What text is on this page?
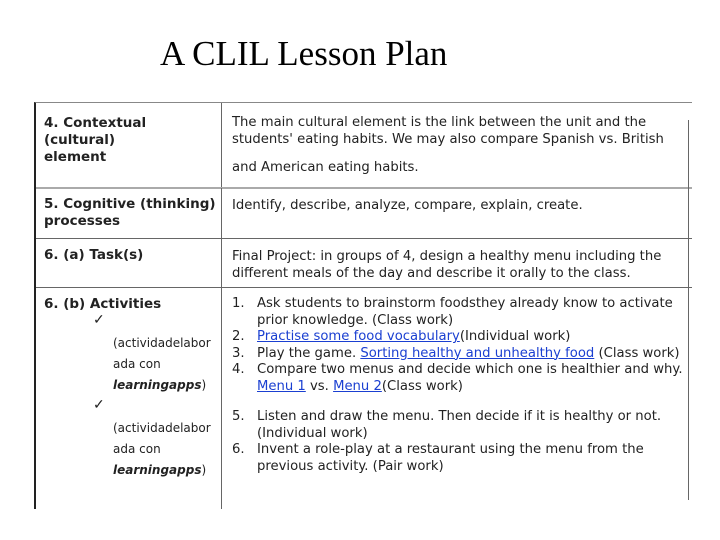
A CLIL Lesson Plan
4. Contextual (cultural)
element
The main cultural element is the link between the unit and the students' eating habits. We may also compare Spanish vs. British
and American eating habits.
5. Cognitive (thinking)
processes
Identify, describe, analyze, compare, explain, create.
6. (a) Task(s)	Final Project: in groups of 4, design a healthy menu including the different meals of the day and describe it orally to the class.
6. (b) Activities
✓
(actividadelabor
ada con
learningapps)
✓
(actividadelabor
ada con
learningapps)
1. Ask students to brainstorm foodsthey already know to activate prior knowledge. (Class work)
2. Practise some food vocabulary(Individual work)
3. Play the game. Sorting healthy and unhealthy food (Class work)
4. Compare two menus and decide which one is healthier and why. Menu 1 vs. Menu 2(Class work)
5. Listen and draw the menu. Then decide if it is healthy or not. (Individual work)
6. Invent a role-play at a restaurant using the menu from the previous activity. (Pair work)
